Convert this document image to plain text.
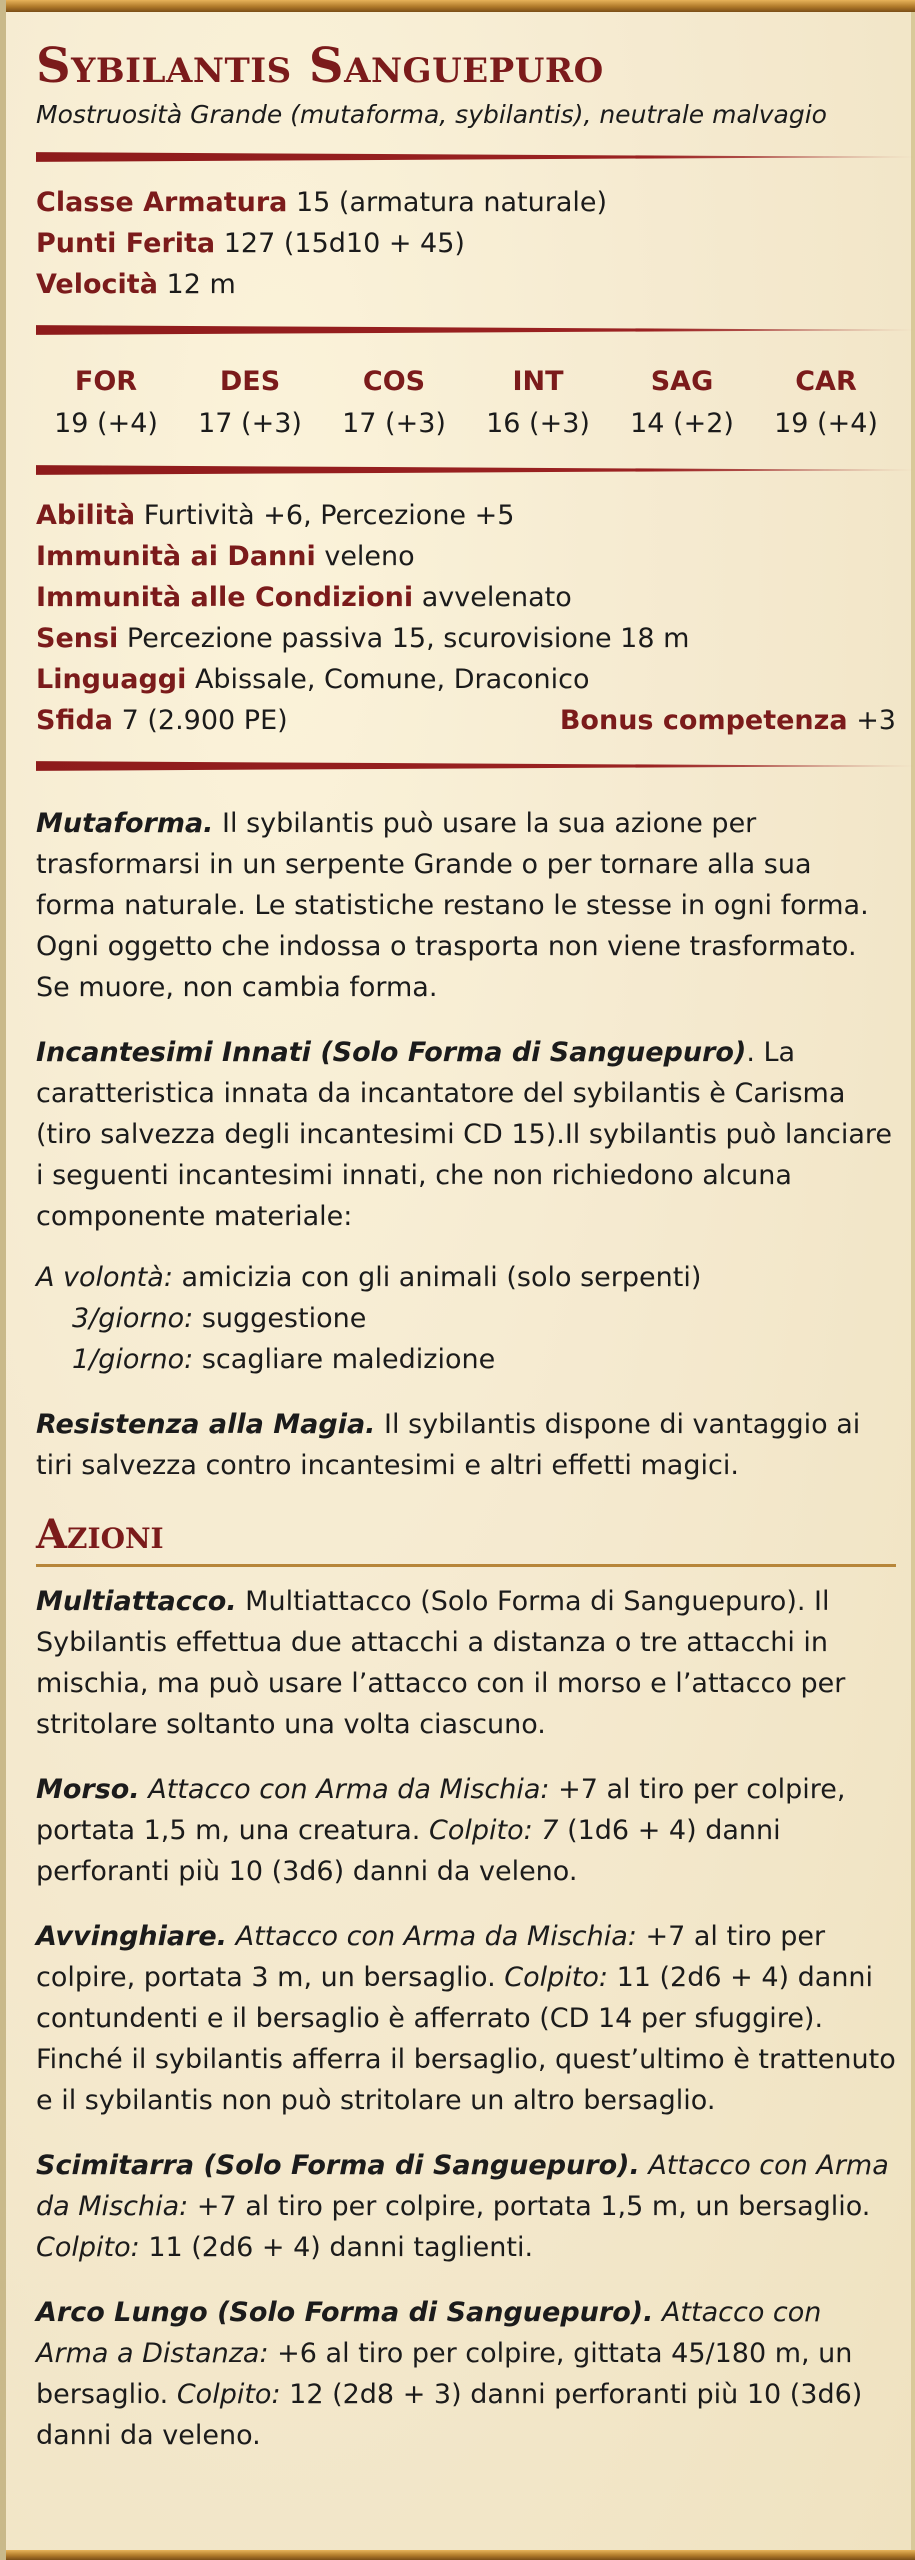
Sybilantis Sanguepuro

Mostruosità Grande (mutaforma, sybilantis), neutrale malvagio

Classe Armatura 15 (armatura naturale)
Punti Ferita 127 (15d10 + 45)
Velocità 12 m
FOR
19 (+4)
DES
17 (+3)
COS
17 (+3)
INT
16 (+3)
SAG
14 (+2)
CAR
19 (+4)
Abilità Furtività +6, Percezione +5
Immunità ai Danni veleno
Immunità alle Condizioni avvelenato
Sensi Percezione passiva 15, scurovisione 18 m
Linguaggi Abissale, Comune, Draconico
Sfida 7 (2.900 PE)	Bonus competenza +3

Mutaforma. Il sybilantis può usare la sua azione per trasformarsi in un serpente Grande o per tornare alla sua forma naturale. Le statistiche restano le stesse in ogni forma. Ogni oggetto che indossa o trasporta non viene trasformato. Se muore, non cambia forma.

Incantesimi Innati (Solo Forma di Sanguepuro). La caratteristica innata da incantatore del sybilantis è Carisma (tiro salvezza degli incantesimi CD 15).Il sybilantis può lanciare i seguenti incantesimi innati, che non richiedono alcuna componente materiale:

A volontà: amicizia con gli animali (solo serpenti)
3/giorno: suggestione
1/giorno: scagliare maledizione

Resistenza alla Magia. Il sybilantis dispone di vantaggio ai tiri salvezza contro incantesimi e altri effetti magici.

Azioni

Multiattacco. Multiattacco (Solo Forma di Sanguepuro). Il Sybilantis effettua due attacchi a distanza o tre attacchi in mischia, ma può usare l’attacco con il morso e l’attacco per stritolare soltanto una volta ciascuno.

Morso. Attacco con Arma da Mischia: +7 al tiro per colpire, portata 1,5 m, una creatura. Colpito: 7 (1d6 + 4) danni perforanti più 10 (3d6) danni da veleno.

Avvinghiare. Attacco con Arma da Mischia: +7 al tiro per colpire, portata 3 m, un bersaglio. Colpito: 11 (2d6 + 4) danni contundenti e il bersaglio è afferrato (CD 14 per sfuggire). Finché il sybilantis afferra il bersaglio, quest’ultimo è trattenuto e il sybilantis non può stritolare un altro bersaglio.

Scimitarra (Solo Forma di Sanguepuro). Attacco con Arma da Mischia: +7 al tiro per colpire, portata 1,5 m, un bersaglio. Colpito: 11 (2d6 + 4) danni taglienti.

Arco Lungo (Solo Forma di Sanguepuro). Attacco con Arma a Distanza: +6 al tiro per colpire, gittata 45/180 m, un bersaglio. Colpito: 12 (2d8 + 3) danni perforanti più 10 (3d6) danni da veleno.
